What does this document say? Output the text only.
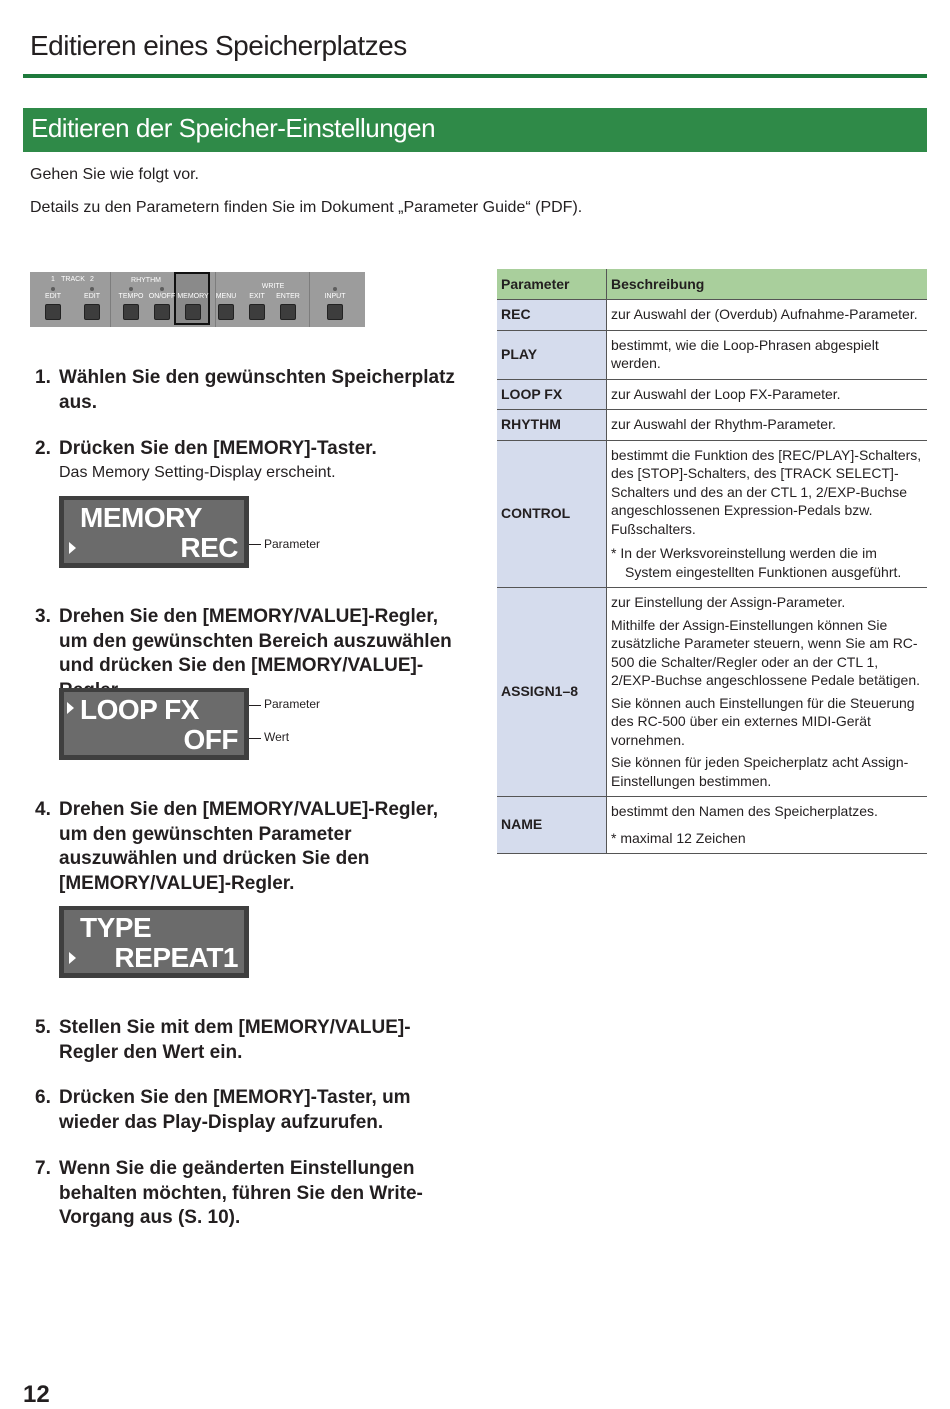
Editieren eines Speicherplatzes
Editieren der Speicher-Einstellungen
Gehen Sie wie folgt vor.
Details zu den Parametern finden Sie im Dokument „Parameter Guide“ (PDF).
1 TRACK 2	RHYTHM
WRITE
EDIT	EDIT	TEMPO ON/OFF MEMORY MENU EXIT ENTER	INPUT
1. Wählen Sie den gewünschten Speicherplatz aus.
2. Drücken Sie den [MEMORY]-Taster.
Das Memory Setting-Display erscheint.
MEMORY
REC Parameter
3. Drehen Sie den [MEMORY/VALUE]-Regler, um den gewünschten Bereich auszuwählen und drücken Sie den [MEMORY/VALUE]-
LOOP FX
OFF
Parameter
Wert
4. Drehen Sie den [MEMORY/VALUE]-Regler, um den gewünschten Parameter auszuwählen und drücken Sie den [MEMORY/VALUE]-Regler.
TYPE
REPEAT1
5. Stellen Sie mit dem [MEMORY/VALUE]-Regler den Wert ein.
6. Drücken Sie den [MEMORY]-Taster, um wieder das Play-Display aufzurufen.
7. Wenn Sie die geänderten Einstellungen behalten möchten, führen Sie den Write-Vorgang aus (S. 10).
Parameter	Beschreibung
REC	zur Auswahl der (Overdub) Aufnahme-Parameter.

PLAY	bestimmt, wie die Loop-Phrasen abgespielt werden.

LOOP FX	zur Auswahl der Loop FX-Parameter.

RHYTHM	zur Auswahl der Rhythm-Parameter.

CONTROL	bestimmt die Funktion des [REC/PLAY]-Schalters, des [STOP]-Schalters, des [TRACK SELECT]-Schalters und des an der CTL 1, 2/EXP-Buchse angeschlossenen Expression-Pedals bzw. Fußschalters.

* In der Werksvoreinstellung werden die im System eingestellten Funktionen ausgeführt.

ASSIGN1–8	zur Einstellung der Assign-Parameter.

Mithilfe der Assign-Einstellungen können Sie zusätzliche Parameter steuern, wenn Sie am RC-500 die Schalter/Regler oder an der CTL 1, 2/EXP-Buchse angeschlossene Pedale betätigen.

Sie können auch Einstellungen für die Steuerung des RC-500 über ein externes MIDI-Gerät vornehmen.

Sie können für jeden Speicherplatz acht Assign-Einstellungen bestimmen.

NAME	bestimmt den Namen des Speicherplatzes.

* maximal 12 Zeichen

12
